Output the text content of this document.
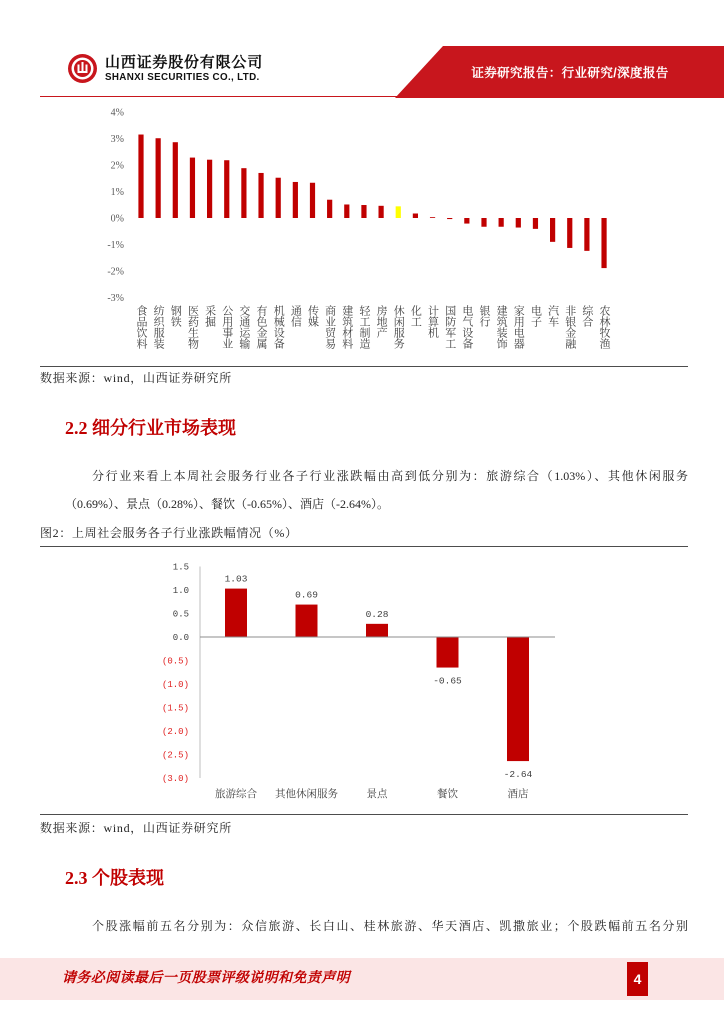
山西证券股份有限公司
SHANXI SECURITIES CO., LTD.	证券研究报告：行业研究/深度报告
4%
3%
2%
1%
0%
-1%
-2%
-3%
食品饮料 纺织服装 钢铁 医药生物 采掘 公用事业 交通运输 有色金属 机械设备 通信 传媒 商业贸易 建筑材料 轻工制造 房地产 休闲服务 化工 计算机 国防军工 电气设备 银行 建筑装饰 家用电器 电子 汽车 非银金融 综合 农林牧渔
数据来源：wind，山西证券研究所
2.2 细分行业市场表现
分行业来看上本周社会服务行业各子行业涨跌幅由高到低分别为：旅游综合（1.03%）、其他休闲服务
（0.69%）、景点（0.28%）、餐饮（-0.65%）、酒店（-2.64%）。
图2：上周社会服务各子行业涨跌幅情况（%）
1.5
1.0
0.5
0.0
(0.5)
(1.0)
(1.5)
(2.0)
(2.5)
(3.0)
1.03
旅游综合
0.69
其他休闲服务
0.28
景点
-0.65
餐饮
-2.64
酒店
数据来源：wind，山西证券研究所
2.3 个股表现
个股涨幅前五名分别为：众信旅游、长白山、桂林旅游、华天酒店、凯撒旅业；个股跌幅前五名分别
请务必阅读最后一页股票评级说明和免责声明	4
